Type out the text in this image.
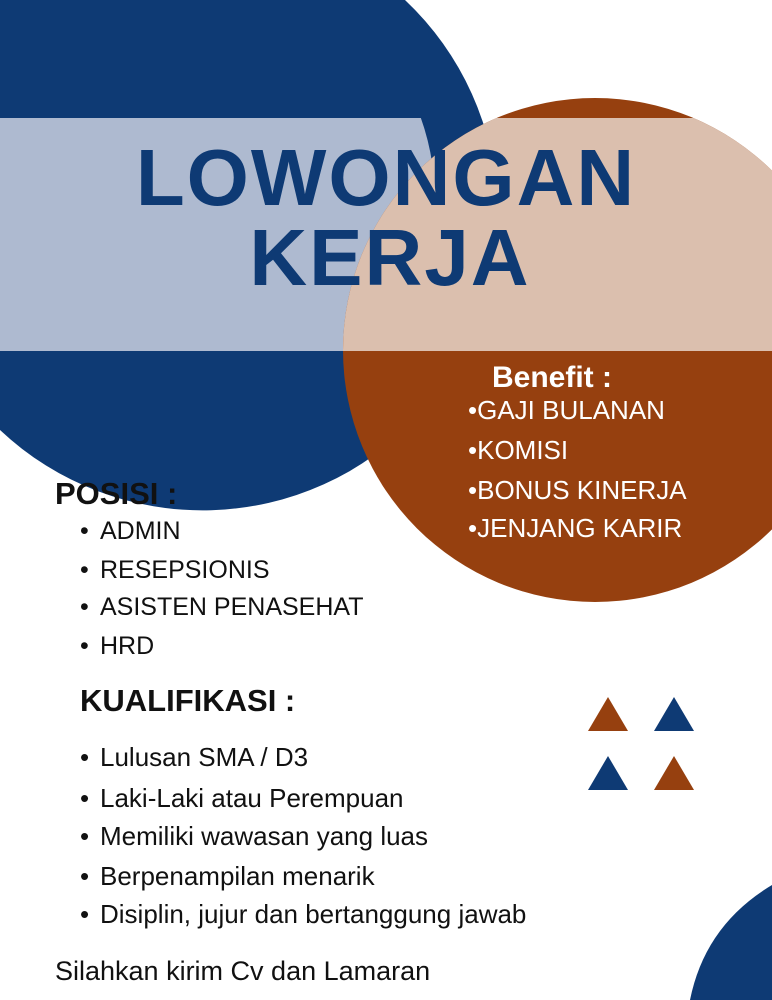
LOWONGAN
KERJA
Benefit :
•GAJI BULANAN
•KOMISI
•BONUS KINERJA
•JENJANG KARIR
POSISI :
• ADMIN
• RESEPSIONIS
• ASISTEN PENASEHAT
• HRD
KUALIFIKASI :
• Lulusan SMA / D3
• Laki-Laki atau Perempuan
• Memiliki wawasan yang luas
• Berpenampilan menarik
• Disiplin, jujur dan bertanggung jawab
Silahkan kirim Cv dan Lamaran
